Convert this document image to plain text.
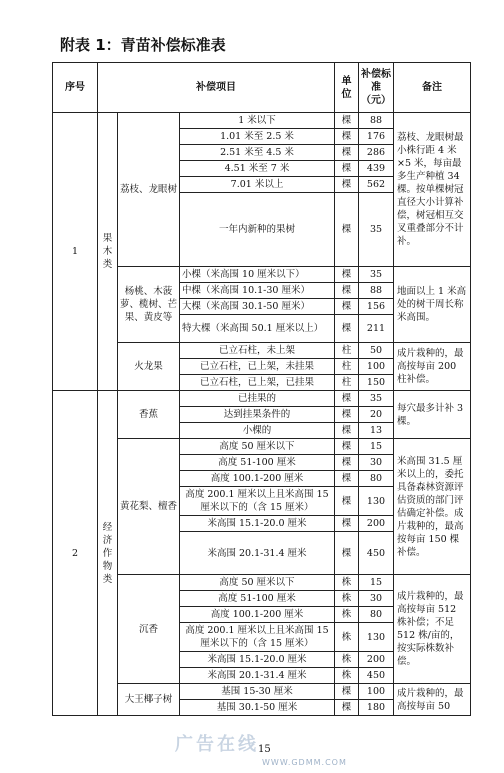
附表 1：青苗补偿标准表
序号	补偿项目			单位	补偿标准（元）	备注
1	果木类	荔枝、龙眼树	1 米以下	棵	88	荔枝、龙眼树最小株行距 4 米×5 米，每亩最多生产种植 34 棵。按单棵树冠直径大小计算补偿，树冠相互交叉重叠部分不计补。
			1.01 米至 2.5 米	棵	176	
			2.51 米至 4.5 米	棵	286	
			4.51 米至 7 米	棵	439	
			7.01 米以上	棵	562	
			一年内新种的果树	棵	35	
		杨桃、木菠萝、榄树、芒果、黄皮等	小棵（米高围 10 厘米以下）	棵	35	地面以上 1 米高处的树干周长称米高围。
			中棵（米高围 10.1-30 厘米）	棵	88	
			大棵（米高围 30.1-50 厘米）	棵	156	
			特大棵（米高围 50.1 厘米以上）	棵	211	
		火龙果	已立石柱，未上架	柱	50	成片栽种的，最高按每亩 200 柱补偿。
			已立石柱，已上架，未挂果	柱	100	
			已立石柱，已上架，已挂果	柱	150	
2	经济作物类	香蕉	已挂果的	棵	35	每穴最多计补 3 棵。
			达到挂果条件的	棵	20	
			小棵的	棵	13	
		黄花梨、檀香	高度 50 厘米以下	棵	15	米高围 31.5 厘米以上的，委托具备森林资源评估资质的部门评估确定补偿。成片栽种的，最高按每亩 150 棵补偿。
			高度 51-100 厘米	棵	30	
			高度 100.1-200 厘米	棵	80	
			高度 200.1 厘米以上且米高围 15 厘米以下的（含 15 厘米）	棵	130	
			米高围 15.1-20.0 厘米	棵	200	
			米高围 20.1-31.4 厘米	棵	450	
		沉香	高度 50 厘米以下	株	15	成片栽种的，最高按每亩 512 株补偿；不足 512 株/亩的，按实际株数补偿。
			高度 51-100 厘米	株	30	
			高度 100.1-200 厘米	株	80	
			高度 200.1 厘米以上且米高围 15 厘米以下的（含 15 厘米）	株	130	
			米高围 15.1-20.0 厘米	株	200	
			米高围 20.1-31.4 厘米	株	450	
		大王椰子树	基围 15-30 厘米	棵	100	成片栽种的，最高按每亩 50
			基围 30.1-50 厘米	棵	180	
广告在线
WWW.GDMM.COM
15
